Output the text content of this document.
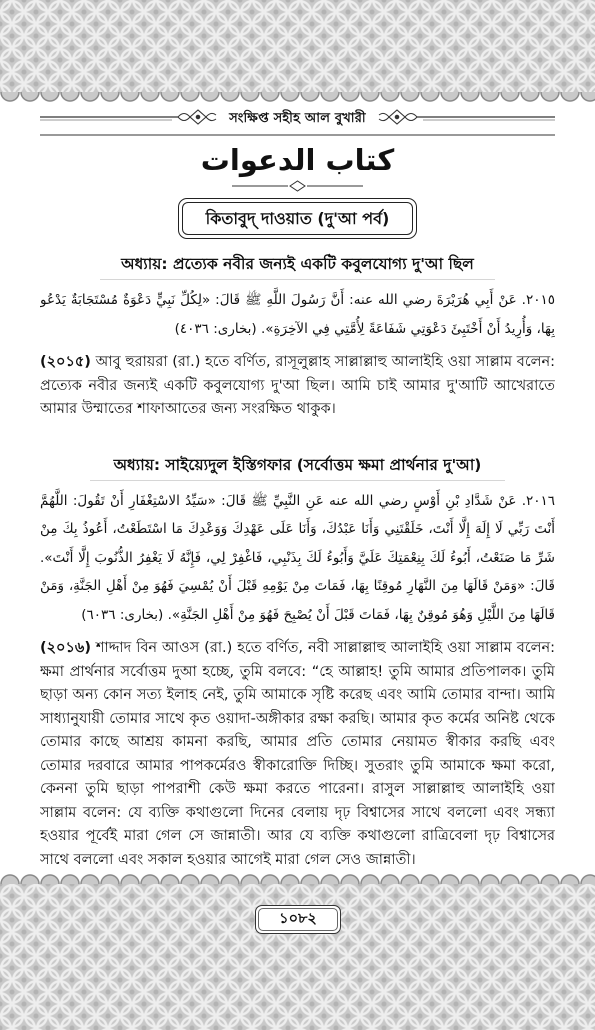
সংক্ষিপ্ত সহীহ আল বুখারী
كتاب الدعوات
কিতাবুদ্ দাওয়াত (দু'আ পর্ব)
অধ্যায়: প্রত্যেক নবীর জন্যই একটি কবুলযোগ্য দু'আ ছিল
٢٠١٥. عَنْ أَبِي هُرَيْرَةَ رضي الله عنه: أَنَّ رَسُولَ اللَّهِ ﷺ قَالَ: «لِكُلِّ نَبِيٍّ دَعْوَةٌ مُسْتَجَابَةٌ يَدْعُو بِهَا، وَأُرِيدُ أَنْ أَخْتَبِئَ دَعْوَتِي شَفَاعَةً لِأُمَّتِي فِي الآخِرَةِ». (بخارى: ٤٠٣٦)
(২০১৫) আবু হুরায়রা (রা.) হতে বর্ণিত, রাসূলুল্লাহ সাল্লাল্লাহু আলাইহি ওয়া সাল্লাম বলেন: প্রত্যেক নবীর জন্যই একটি কবুলযোগ্য দু'আ ছিল। আমি চাই আমার দু'আটি আখেরাতে আমার উম্মাতের শাফাআতের জন্য সংরক্ষিত থাকুক।
অধ্যায়: সাইয়্যেদুল ইস্তিগফার (সর্বোত্তম ক্ষমা প্রার্থনার দু'আ)
٢٠١٦. عَنْ شَدَّادِ بْنِ أَوْسٍ رضي الله عنه عَنِ النَّبِيِّ ﷺ قَالَ: «سَيِّدُ الاسْتِغْفَارِ أَنْ تَقُولَ: اللَّهُمَّ أَنْتَ رَبِّي لَا إِلَهَ إِلَّا أَنْتَ، خَلَقْتَنِي وَأَنَا عَبْدُكَ، وَأَنَا عَلَى عَهْدِكَ وَوَعْدِكَ مَا اسْتَطَعْتُ، أَعُوذُ بِكَ مِنْ شَرِّ مَا صَنَعْتُ، أَبُوءُ لَكَ بِنِعْمَتِكَ عَلَيَّ وَأَبُوءُ لَكَ بِذَنْبِي، فَاغْفِرْ لِي، فَإِنَّهُ لَا يَغْفِرُ الذُّنُوبَ إِلَّا أَنْتَ». قَالَ: «وَمَنْ قَالَهَا مِنَ النَّهَارِ مُوقِنًا بِهَا، فَمَاتَ مِنْ يَوْمِهِ قَبْلَ أَنْ يُمْسِيَ فَهُوَ مِنْ أَهْلِ الجَنَّةِ، وَمَنْ قَالَهَا مِنَ اللَّيْلِ وَهُوَ مُوقِنٌ بِهَا، فَمَاتَ قَبْلَ أَنْ يُصْبِحَ فَهُوَ مِنْ أَهْلِ الجَنَّةِ». (بخارى: ٦٠٣٦)
(২০১৬) শাদ্দাদ বিন আওস (রা.) হতে বর্ণিত, নবী সাল্লাল্লাহু আলাইহি ওয়া সাল্লাম বলেন: ক্ষমা প্রার্থনার সর্বোত্তম দুআ হচ্ছে, তুমি বলবে: “হে আল্লাহ! তুমি আমার প্রতিপালক। তুমি ছাড়া অন্য কোন সত্য ইলাহ নেই, তুমি আমাকে সৃষ্টি করেছ এবং আমি তোমার বান্দা। আমি সাধ্যানুযায়ী তোমার সাথে কৃত ওয়াদা-অঙ্গীকার রক্ষা করছি। আমার কৃত কর্মের অনিষ্ট থেকে তোমার কাছে আশ্রয় কামনা করছি, আমার প্রতি তোমার নেয়ামত স্বীকার করছি এবং তোমার দরবারে আমার পাপকর্মেরও স্বীকারোক্তি দিচ্ছি। সুতরাং তুমি আমাকে ক্ষমা করো, কেননা তুমি ছাড়া পাপরাশী কেউ ক্ষমা করতে পারেনা। রাসুল সাল্লাল্লাহু আলাইহি ওয়া সাল্লাম বলেন: যে ব্যক্তি কথাগুলো দিনের বেলায় দৃঢ় বিশ্বাসের সাথে বললো এবং সন্ধ্যা হওয়ার পূর্বেই মারা গেল সে জান্নাতী। আর যে ব্যক্তি কথাগুলো রাত্রিবেলা দৃঢ় বিশ্বাসের সাথে বললো এবং সকাল হওয়ার আগেই মারা গেল সেও জান্নাতী।
১০৮২
